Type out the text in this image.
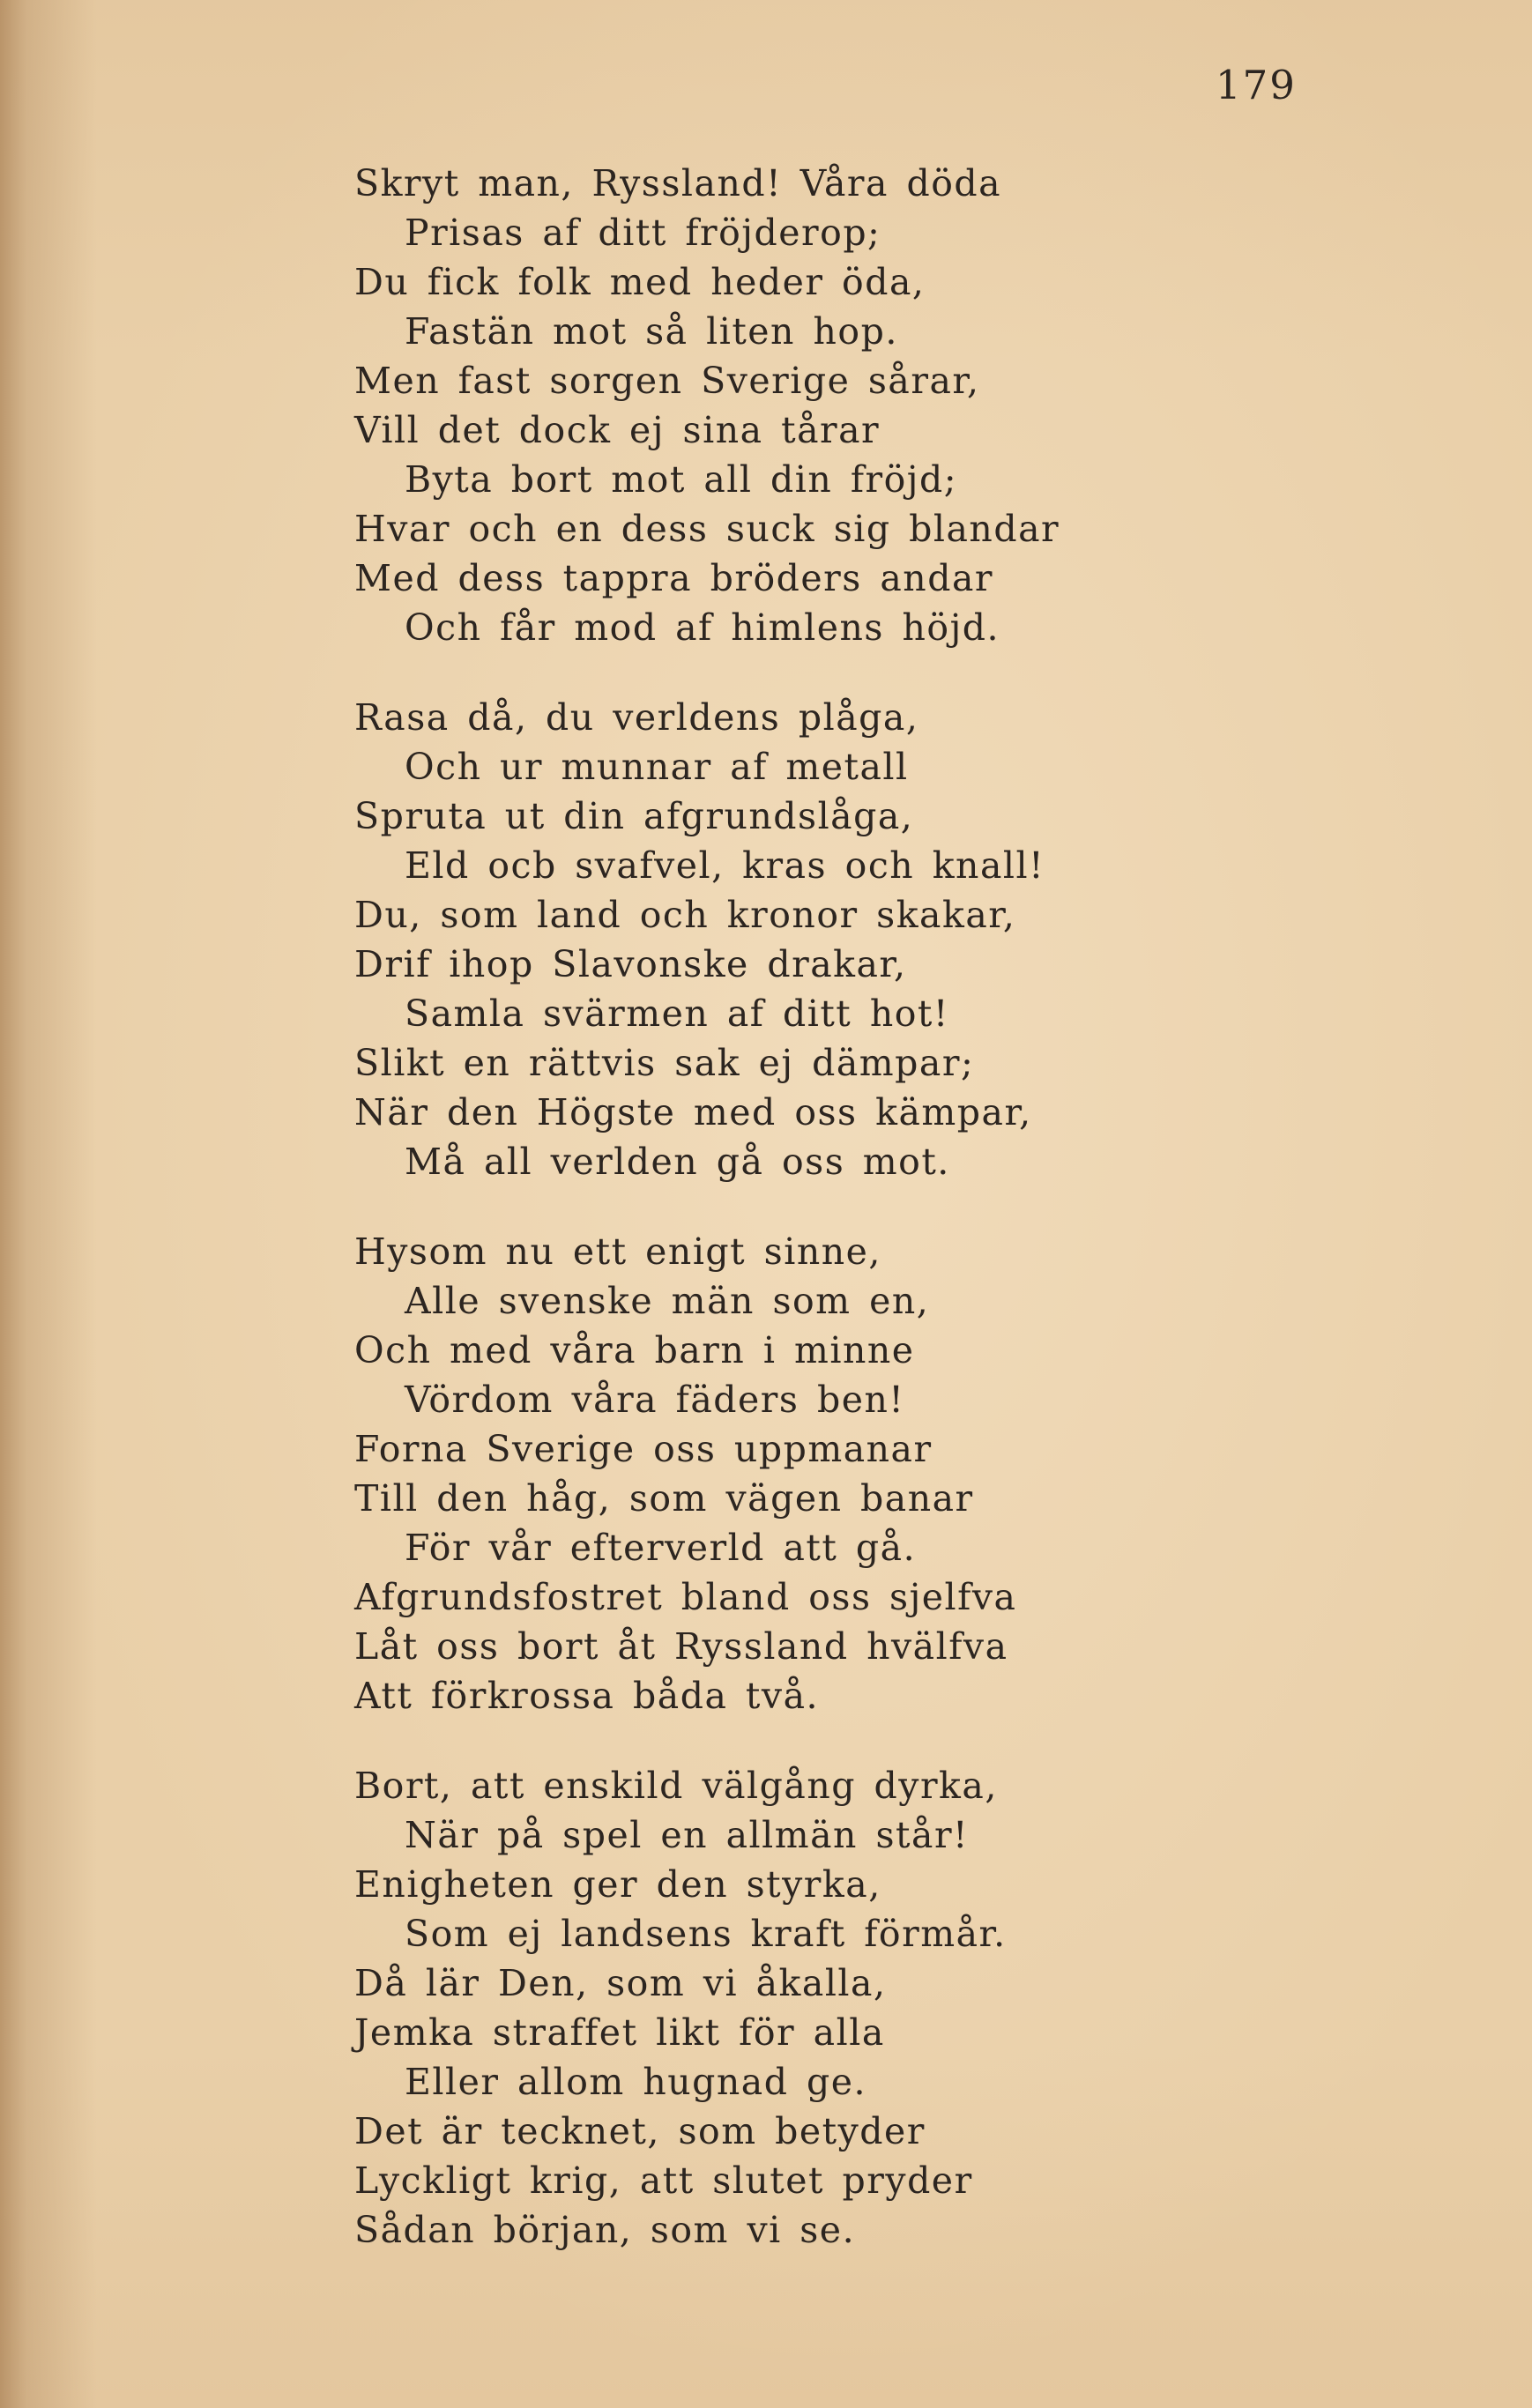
179
Skryt man, Ryssland! Våra döda
Prisas af ditt fröjderop;
Du fick folk med heder öda,
Fastän mot så liten hop.
Men fast sorgen Sverige sårar,
Vill det dock ej sina tårar
Byta bort mot all din fröjd;
Hvar och en dess suck sig blandar
Med dess tappra bröders andar
Och får mod af himlens höjd.
Rasa då, du verldens plåga,
Och ur munnar af metall
Spruta ut din afgrundslåga,
Eld ocb svafvel, kras och knall!
Du, som land och kronor skakar,
Drif ihop Slavonske drakar,
Samla svärmen af ditt hot!
Slikt en rättvis sak ej dämpar;
När den Högste med oss kämpar,
Må all verlden gå oss mot.
Hysom nu ett enigt sinne,
Alle svenske män som en,
Och med våra barn i minne
Vördom våra fäders ben!
Forna Sverige oss uppmanar
Till den håg, som vägen banar
För vår efterverld att gå.
Afgrundsfostret bland oss sjelfva
Låt oss bort åt Ryssland hvälfva
Att förkrossa båda två.
Bort, att enskild välgång dyrka,
När på spel en allmän står!
Enigheten ger den styrka,
Som ej landsens kraft förmår.
Då lär Den, som vi åkalla,
Jemka straffet likt för alla
Eller allom hugnad ge.
Det är tecknet, som betyder
Lyckligt krig, att slutet pryder
Sådan början, som vi se.
